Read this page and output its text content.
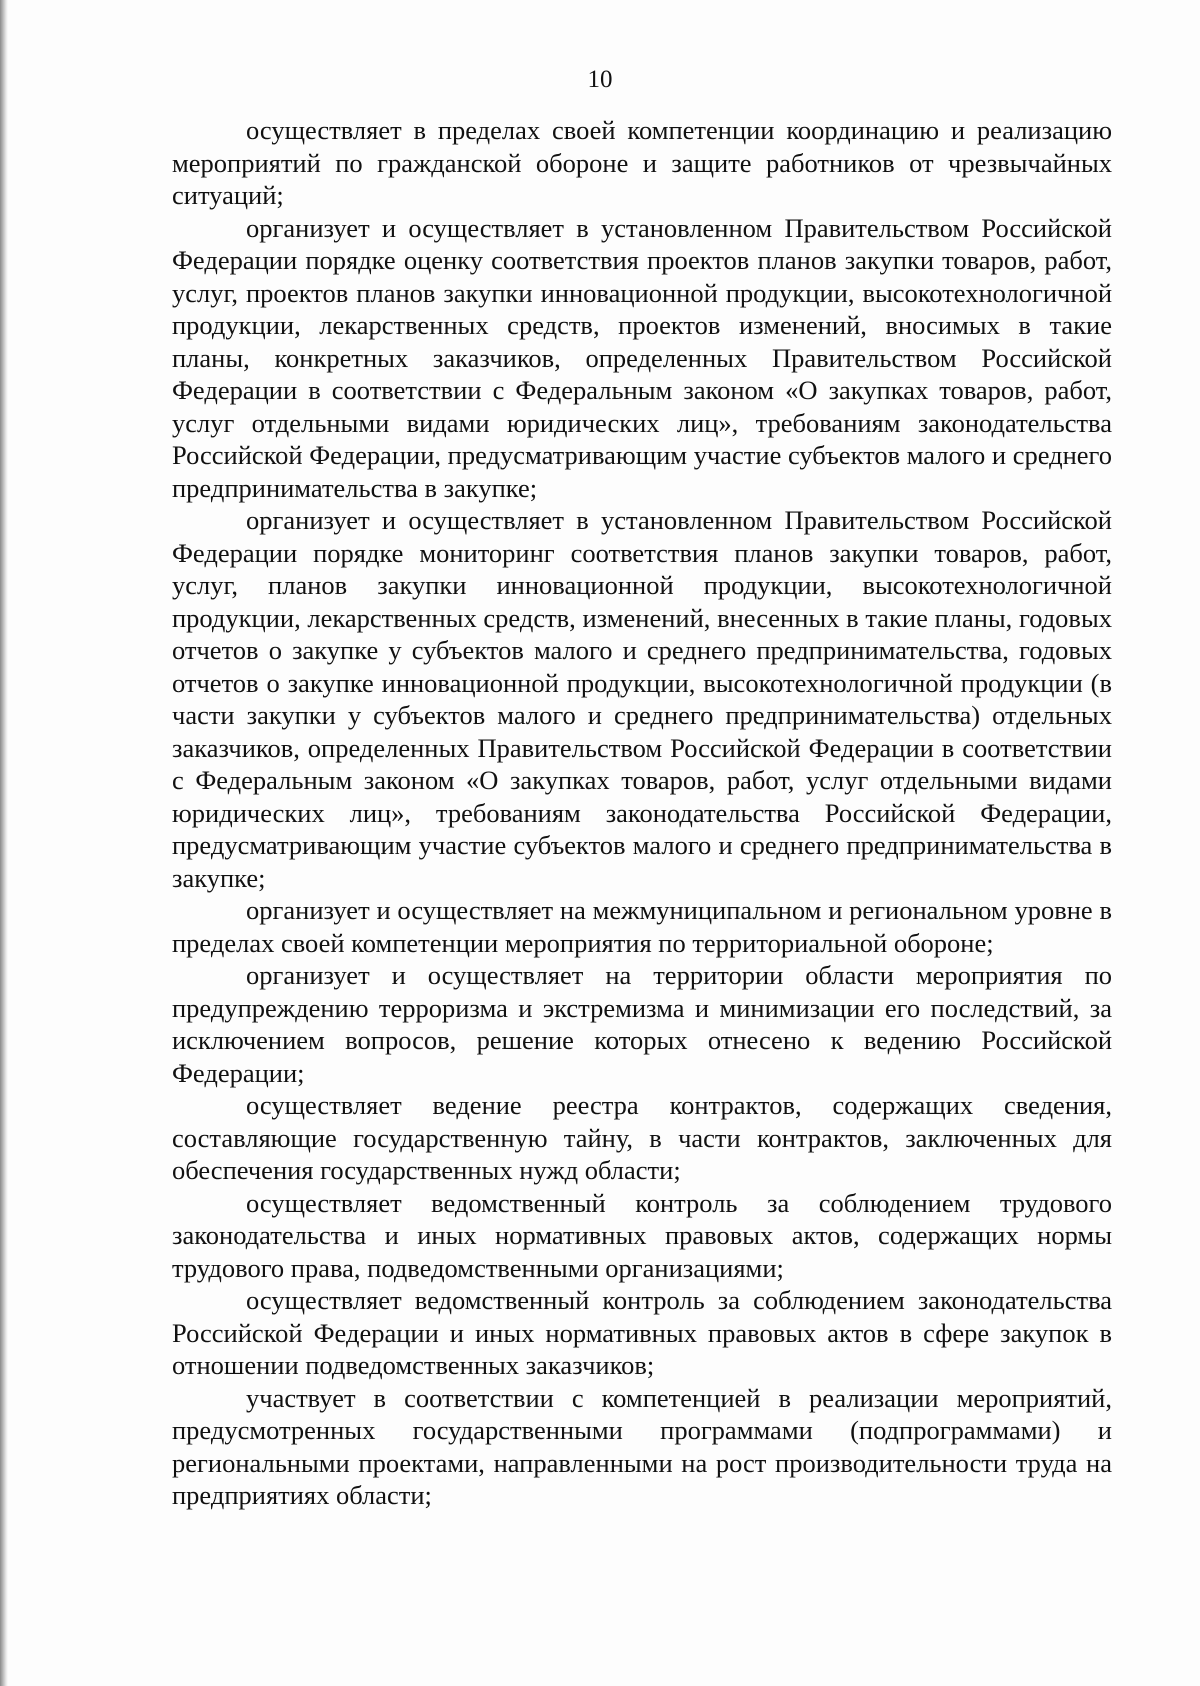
10

осуществляет в пределах своей компетенции координацию и реализацию мероприятий по гражданской обороне и защите работников от чрезвычайных ситуаций;

организует и осуществляет в установленном Правительством Российской Федерации порядке оценку соответствия проектов планов закупки товаров, работ, услуг, проектов планов закупки инновационной продукции, высокотехнологичной продукции, лекарственных средств, проектов изменений, вносимых в такие планы, конкретных заказчиков, определенных Правительством Российской Федерации в соответствии с Федеральным законом «О закупках товаров, работ, услуг отдельными видами юридических лиц», требованиям законодательства Российской Федерации, предусматривающим участие субъектов малого и среднего предпринимательства в закупке;

организует и осуществляет в установленном Правительством Российской Федерации порядке мониторинг соответствия планов закупки товаров, работ, услуг, планов закупки инновационной продукции, высокотехнологичной продукции, лекарственных средств, изменений, внесенных в такие планы, годовых отчетов о закупке у субъектов малого и среднего предпринимательства, годовых отчетов о закупке инновационной продукции, высокотехнологичной продукции (в части закупки у субъектов малого и среднего предпринимательства) отдельных заказчиков, определенных Правительством Российской Федерации в соответствии с Федеральным законом «О закупках товаров, работ, услуг отдельными видами юридических лиц», требованиям законодательства Российской Федерации, предусматривающим участие субъектов малого и среднего предпринимательства в закупке;

организует и осуществляет на межмуниципальном и региональном уровне в пределах своей компетенции мероприятия по территориальной обороне;

организует и осуществляет на территории области мероприятия по предупреждению терроризма и экстремизма и минимизации его последствий, за исключением вопросов, решение которых отнесено к ведению Российской Федерации;

осуществляет ведение реестра контрактов, содержащих сведения, составляющие государственную тайну, в части контрактов, заключенных для обеспечения государственных нужд области;

осуществляет ведомственный контроль за соблюдением трудового законодательства и иных нормативных правовых актов, содержащих нормы трудового права, подведомственными организациями;

осуществляет ведомственный контроль за соблюдением законодательства Российской Федерации и иных нормативных правовых актов в сфере закупок в отношении подведомственных заказчиков;

участвует в соответствии с компетенцией в реализации мероприятий, предусмотренных государственными программами (подпрограммами) и региональными проектами, направленными на рост производительности труда на предприятиях области;
